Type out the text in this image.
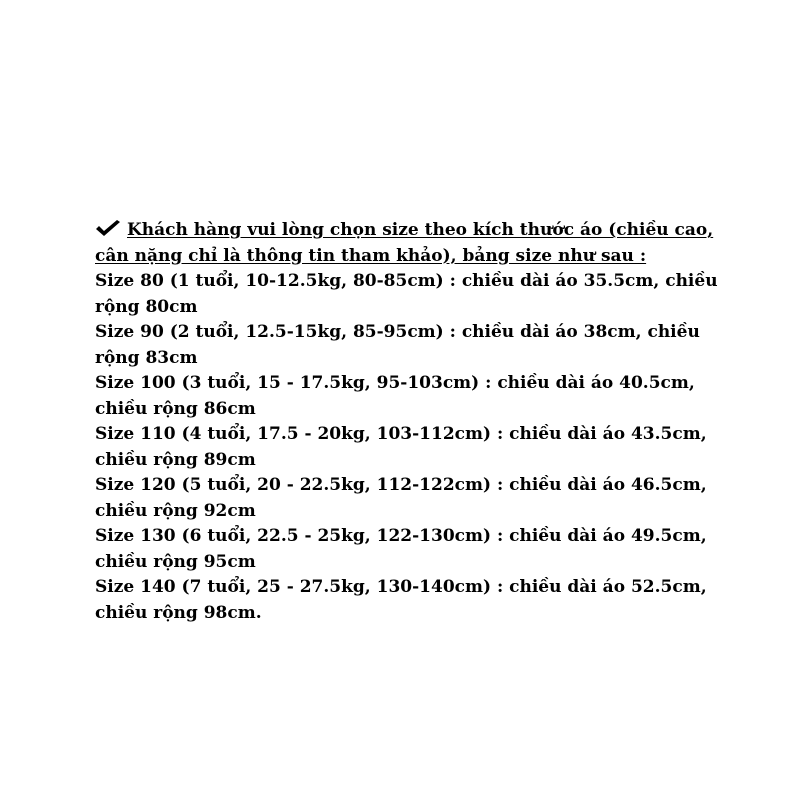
Khách hàng vui lòng chọn size theo kích thước áo (chiều cao, cân nặng chỉ là thông tin tham khảo), bảng size như sau :
Size 80 (1 tuổi, 10-12.5kg, 80-85cm) : chiều dài áo 35.5cm, chiều rộng 80cm
Size 90 (2 tuổi, 12.5-15kg, 85-95cm) : chiều dài áo 38cm, chiều rộng 83cm
Size 100 (3 tuổi, 15 - 17.5kg, 95-103cm) : chiều dài áo 40.5cm, chiều rộng 86cm
Size 110 (4 tuổi, 17.5 - 20kg, 103-112cm) : chiều dài áo 43.5cm, chiều rộng 89cm
Size 120 (5 tuổi, 20 - 22.5kg, 112-122cm) : chiều dài áo 46.5cm, chiều rộng 92cm
Size 130 (6 tuổi, 22.5 - 25kg, 122-130cm) : chiều dài áo 49.5cm, chiều rộng 95cm
Size 140 (7 tuổi, 25 - 27.5kg, 130-140cm) : chiều dài áo 52.5cm, chiều rộng 98cm.
